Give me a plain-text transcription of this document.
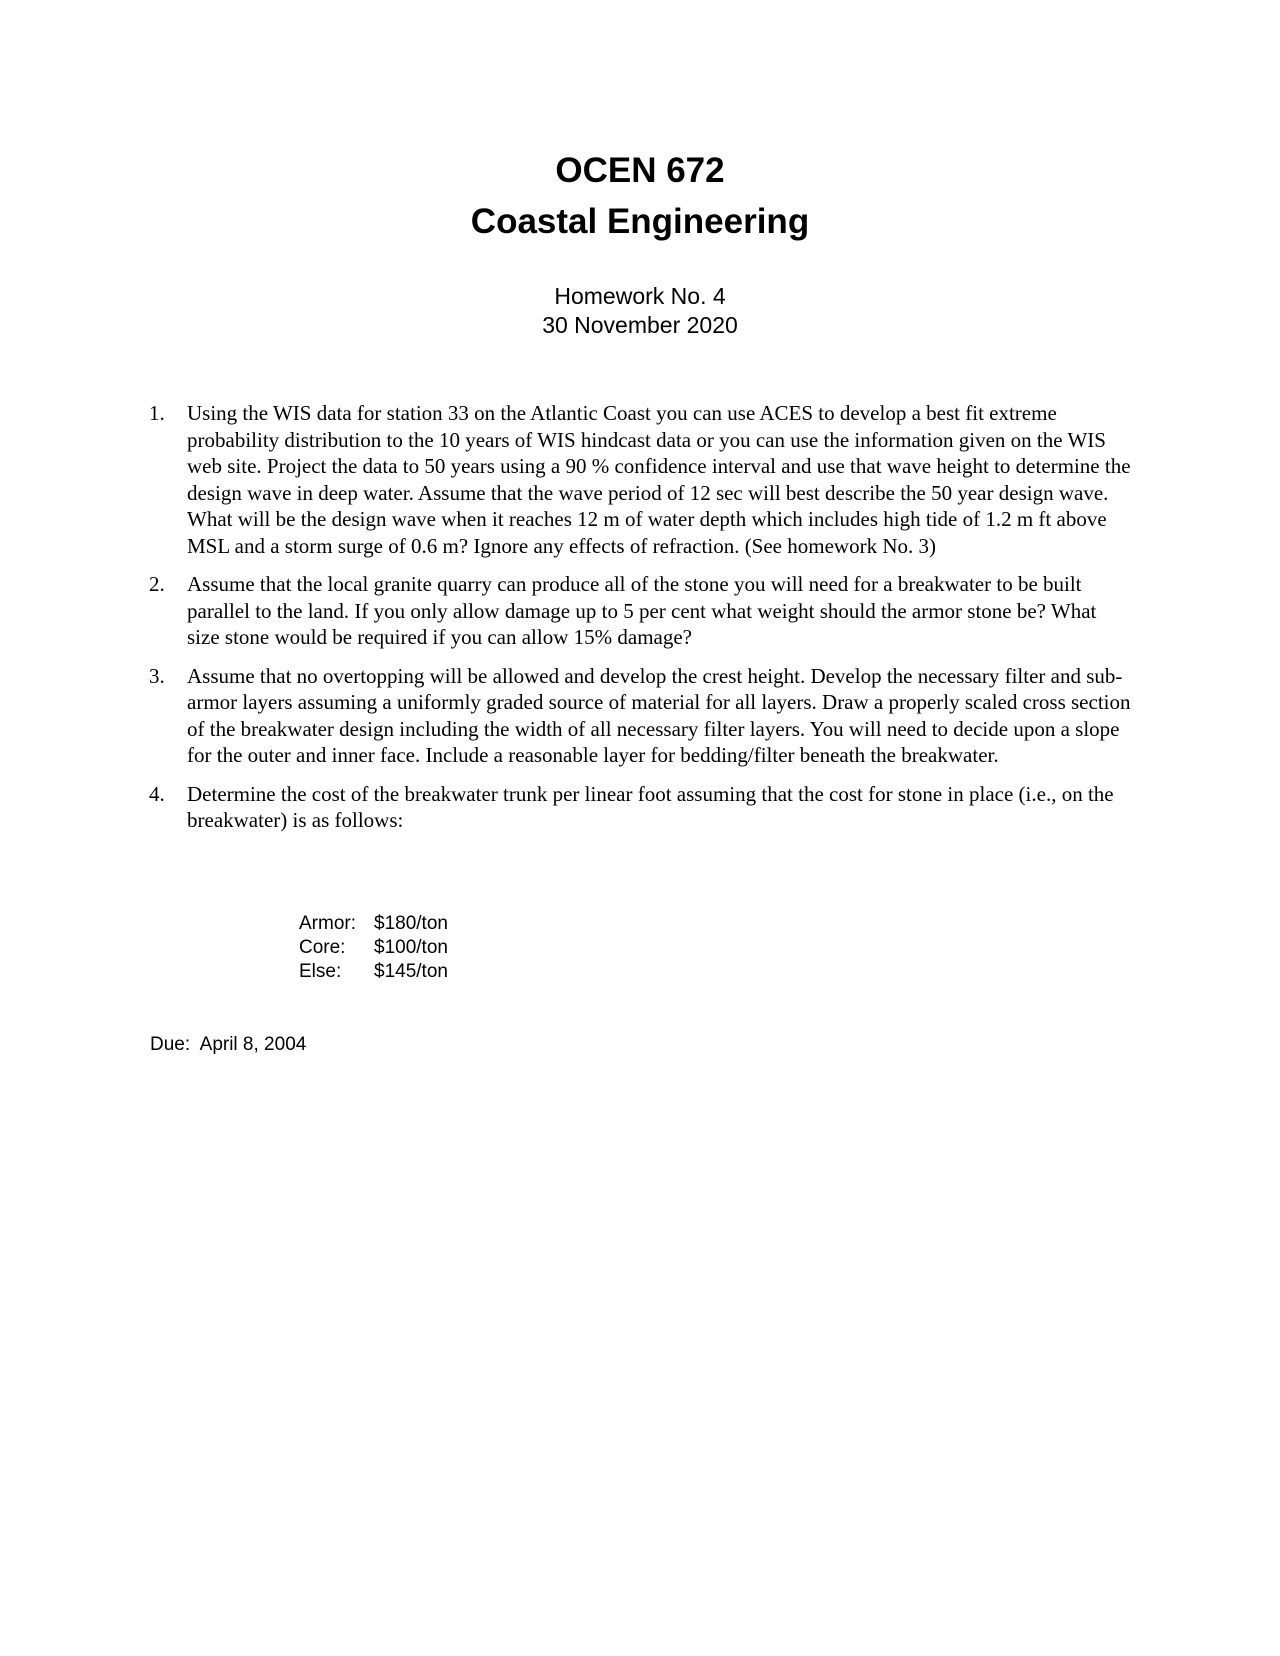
OCEN 672
Coastal Engineering
Homework No. 4
30 November 2020
1. Using the WIS data for station 33 on the Atlantic Coast you can use ACES to develop a best fit extreme probability distribution to the 10 years of WIS hindcast data or you can use the information given on the WIS web site. Project the data to 50 years using a 90 % confidence interval and use that wave height to determine the design wave in deep water. Assume that the wave period of 12 sec will best describe the 50 year design wave. What will be the design wave when it reaches 12 m of water depth which includes high tide of 1.2 m ft above MSL and a storm surge of 0.6 m? Ignore any effects of refraction. (See homework No. 3)
2. Assume that the local granite quarry can produce all of the stone you will need for a breakwater to be built parallel to the land. If you only allow damage up to 5 per cent what weight should the armor stone be? What size stone would be required if you can allow 15% damage?
3. Assume that no overtopping will be allowed and develop the crest height. Develop the necessary filter and sub-armor layers assuming a uniformly graded source of material for all layers. Draw a properly scaled cross section of the breakwater design including the width of all necessary filter layers. You will need to decide upon a slope for the outer and inner face. Include a reasonable layer for bedding/filter beneath the breakwater.
4. Determine the cost of the breakwater trunk per linear foot assuming that the cost for stone in place (i.e., on the breakwater) is as follows:
Armor: $180/ton
Core:	$100/ton
Else:	$145/ton
Due:  April 8, 2004
